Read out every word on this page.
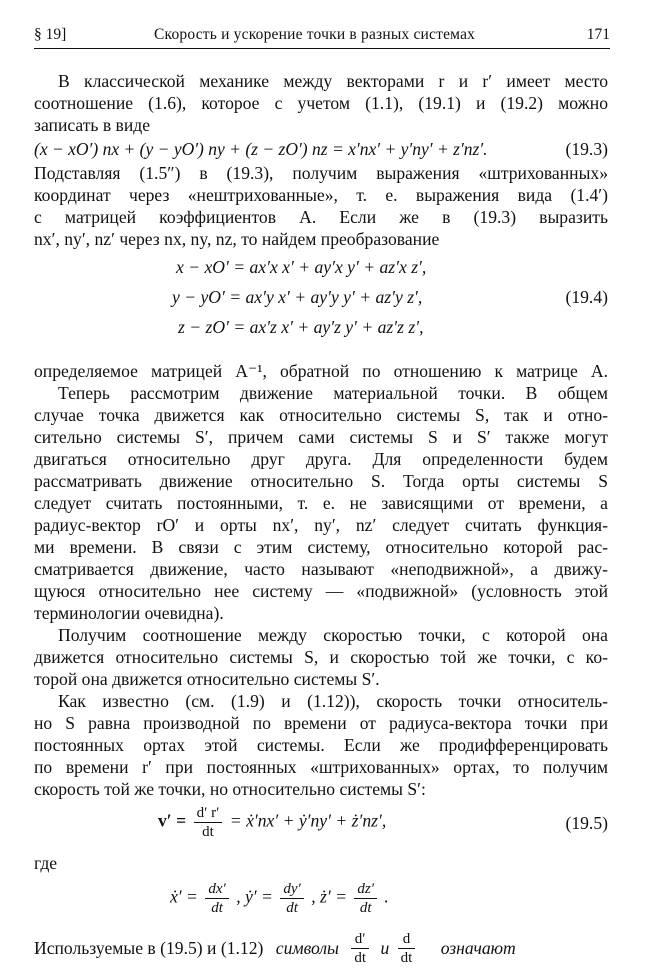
§ 19]	Скорость и ускорение точки в разных системах	171
В классической механике между векторами r и r′ имеет место
соотношение (1.6), которое с учетом (1.1), (19.1) и (19.2) можно
записать в виде
(x − xO′) nx + (y − yO′) ny + (z − zO′) nz = x′nx′ + y′ny′ + z′nz′.	(19.3)
Подставляя (1.5″) в (19.3), получим выражения «штрихованных»
координат через «нештрихованные», т. е. выражения вида (1.4′)
с матрицей коэффициентов A. Если же в (19.3) выразить
nx′, ny′, nz′ через nx, ny, nz, то найдем преобразование
x − xO′ = ax′x x′ + ay′x y′ + az′x z′,
y − yO′ = ax′y x′ + ay′y y′ + az′y z′,
z − zO′ = ax′z x′ + ay′z y′ + az′z z′,
(19.4)
определяемое матрицей A⁻¹, обратной по отношению к матрице A.
Теперь рассмотрим движение материальной точки. В общем
случае точка движется как относительно системы S, так и отно-
сительно системы S′, причем сами системы S и S′ также могут
двигаться относительно друг друга. Для определенности будем
рассматривать движение относительно S. Тогда орты системы S
следует считать постоянными, т. е. не зависящими от времени, а
радиус-вектор rO′ и орты nx′, ny′, nz′ следует считать функция-
ми времени. В связи с этим систему, относительно которой рас-
сматривается движение, часто называют «неподвижной», а движу-
щуюся относительно нее систему — «подвижной» (условность этой
терминологии очевидна).
Получим соотношение между скоростью точки, с которой она
движется относительно системы S, и скоростью той же точки, с ко-
торой она движется относительно системы S′.
Как известно (см. (1.9) и (1.12)), скорость точки относитель-
но S равна производной по времени от радиуса-вектора точки при
постоянных ортах этой системы. Если же продифференцировать
по времени r′ при постоянных «штрихованных» ортах, то получим
скорость той же точки, но относительно системы S′:
$v' = \frac{d' r'}{dt}$ = ẋ′nx′ + ẏ′ny′ + ż′nz′,	(19.5)
где
ẋ′ = $\frac{dx'}{dt}$ , ẏ′ = $\frac{dy'}{dt}$ , ż′ = $\frac{dz'}{dt}$ .
Используемые в (19.5) и (1.12) символы $\frac{d'}{dt}$ и $\frac{d}{dt}$ означают
